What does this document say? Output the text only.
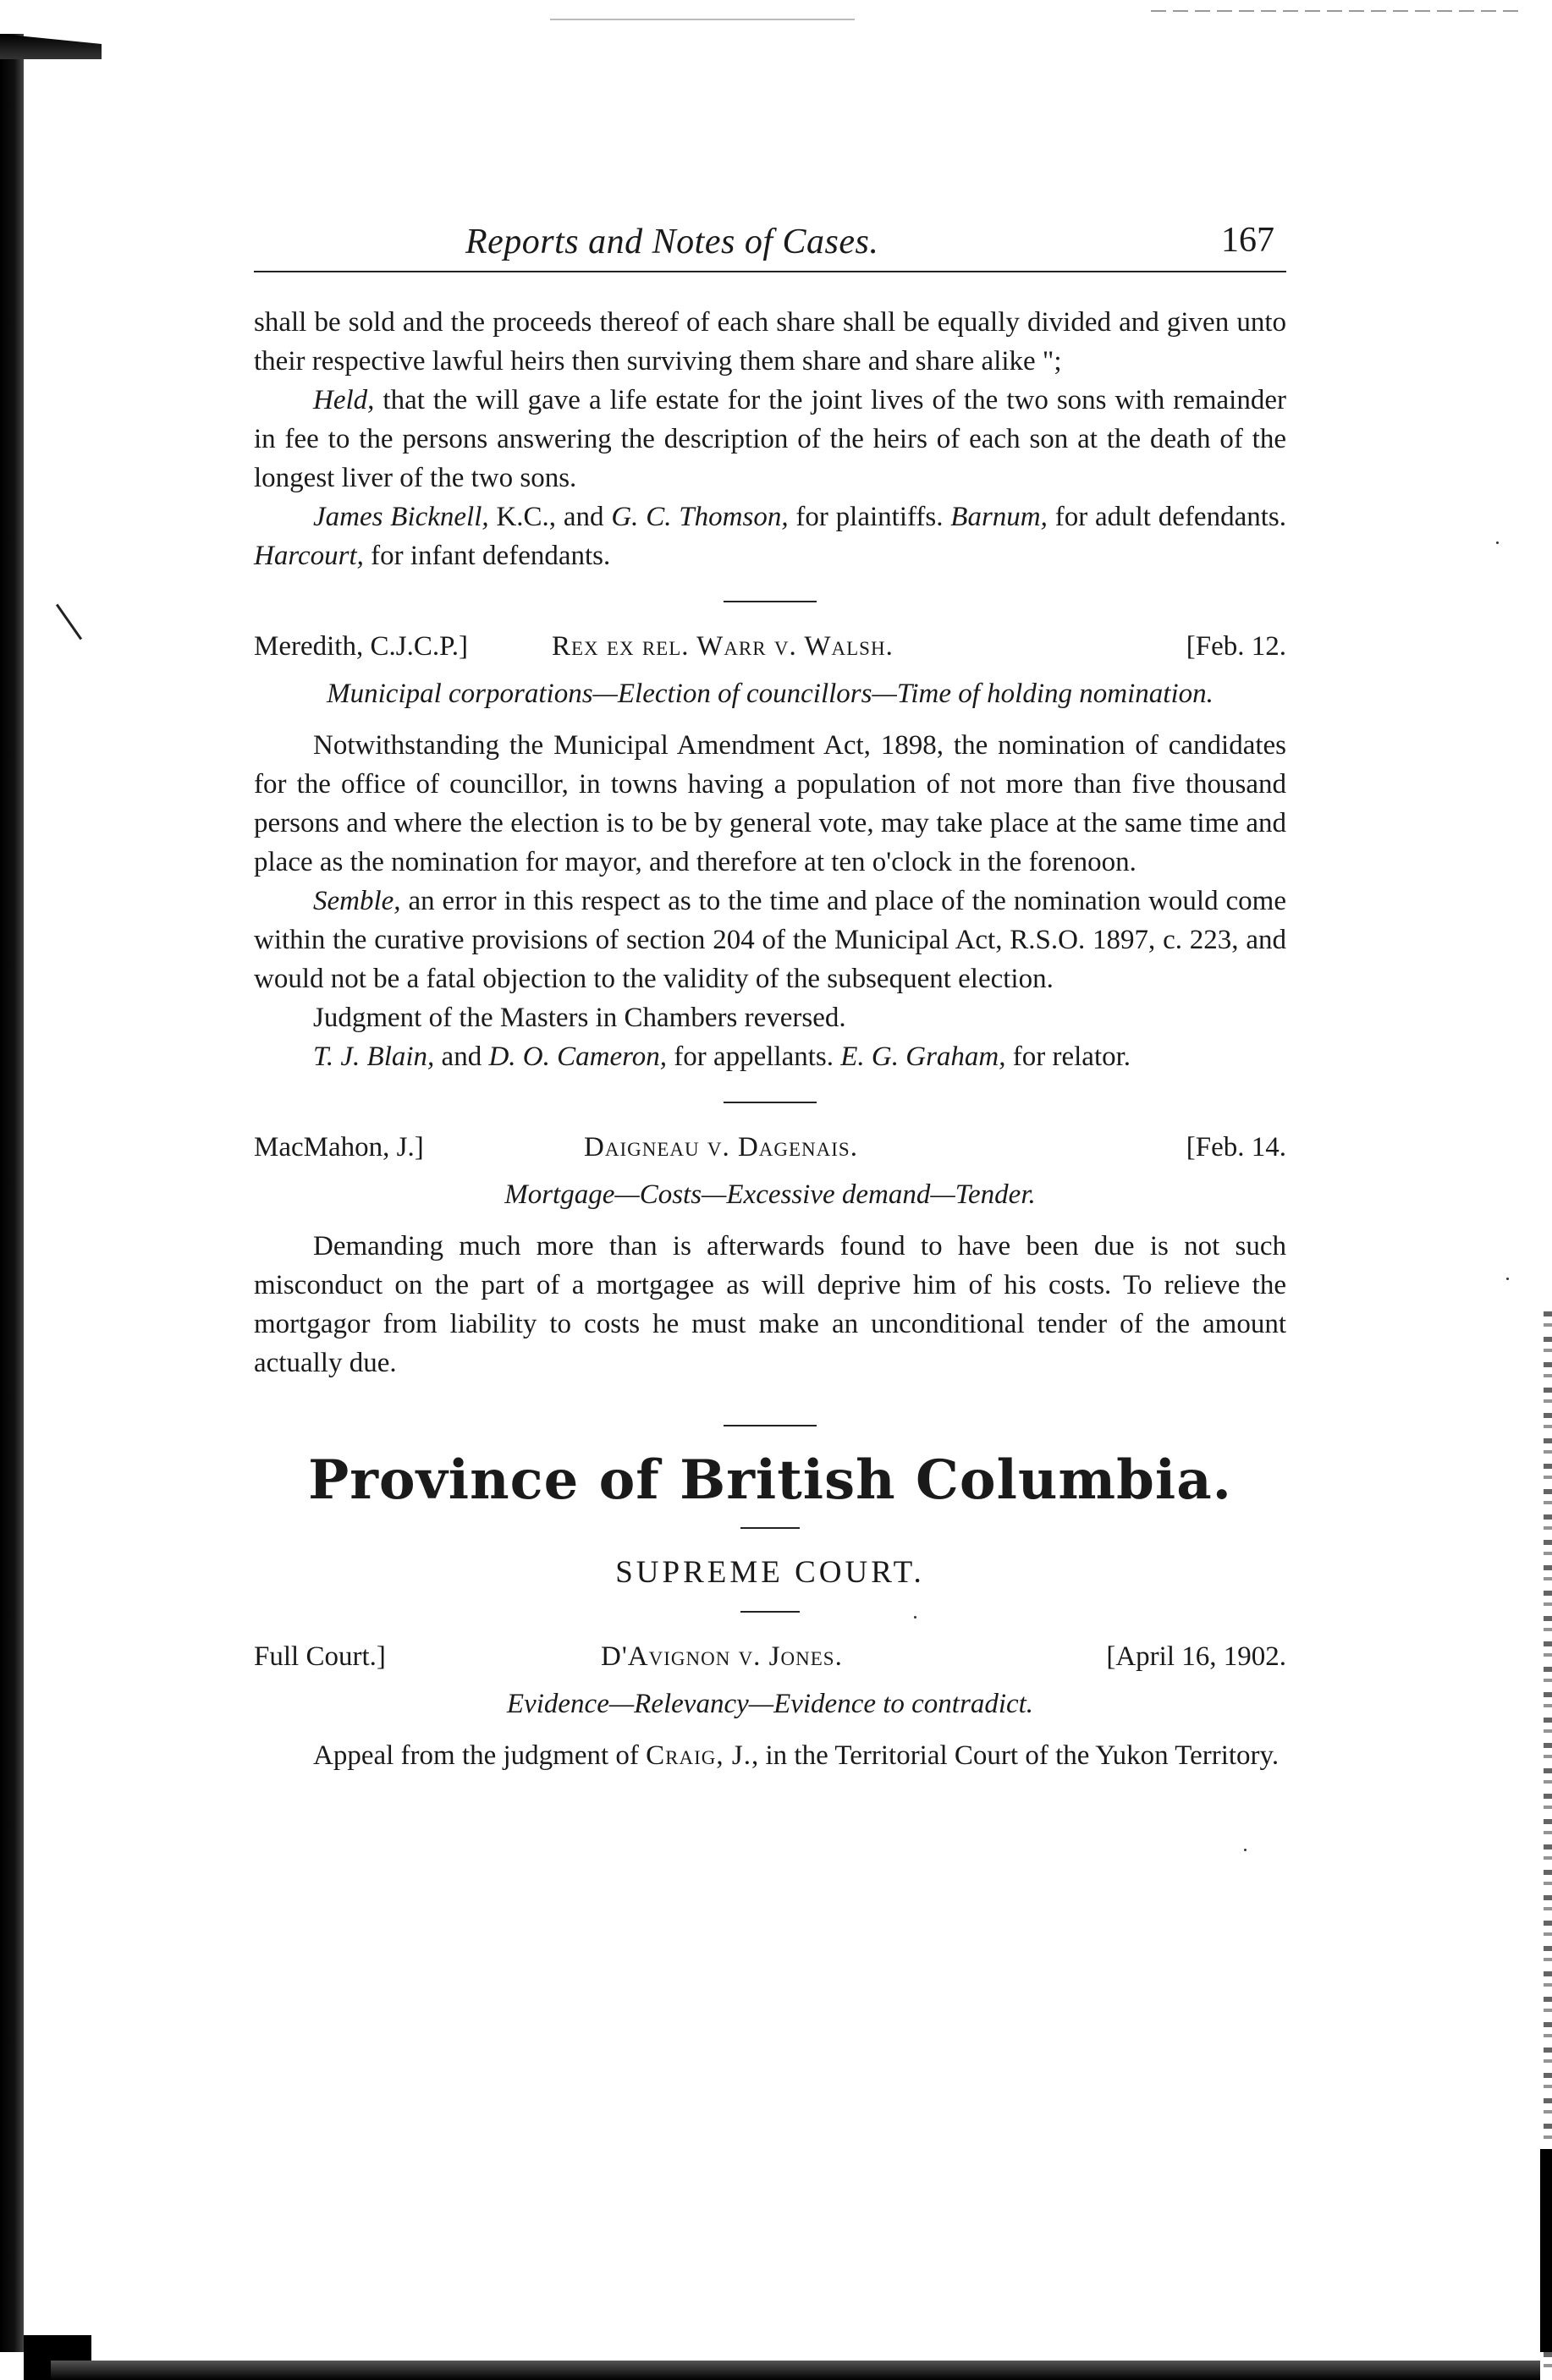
Reports and Notes of Cases.	167

shall be sold and the proceeds thereof of each share shall be equally divided and given unto their respective lawful heirs then surviving them share and share alike ";

Held, that the will gave a life estate for the joint lives of the two sons with remainder in fee to the persons answering the description of the heirs of each son at the death of the longest liver of the two sons.

James Bicknell, K.C., and G. C. Thomson, for plaintiffs. Barnum, for adult defendants. Harcourt, for infant defendants.

Meredith, C.J.C.P.]	Rex ex rel. Warr v. Walsh.	[Feb. 12.
Municipal corporations—Election of councillors—Time of holding nomination.

Notwithstanding the Municipal Amendment Act, 1898, the nomination of candidates for the office of councillor, in towns having a population of not more than five thousand persons and where the election is to be by general vote, may take place at the same time and place as the nomination for mayor, and therefore at ten o'clock in the forenoon.

Semble, an error in this respect as to the time and place of the nomination would come within the curative provisions of section 204 of the Municipal Act, R.S.O. 1897, c. 223, and would not be a fatal objection to the validity of the subsequent election.

Judgment of the Masters in Chambers reversed.

T. J. Blain, and D. O. Cameron, for appellants. E. G. Graham, for relator.

MacMahon, J.]	Daigneau v. Dagenais.	[Feb. 14.
Mortgage—Costs—Excessive demand—Tender.

Demanding much more than is afterwards found to have been due is not such misconduct on the part of a mortgagee as will deprive him of his costs. To relieve the mortgagor from liability to costs he must make an unconditional tender of the amount actually due.

Province of British Columbia.
SUPREME COURT.
Full Court.]	D'Avignon v. Jones.	[April 16, 1902.
Evidence—Relevancy—Evidence to contradict.

Appeal from the judgment of Craig, J., in the Territorial Court of the Yukon Territory.
